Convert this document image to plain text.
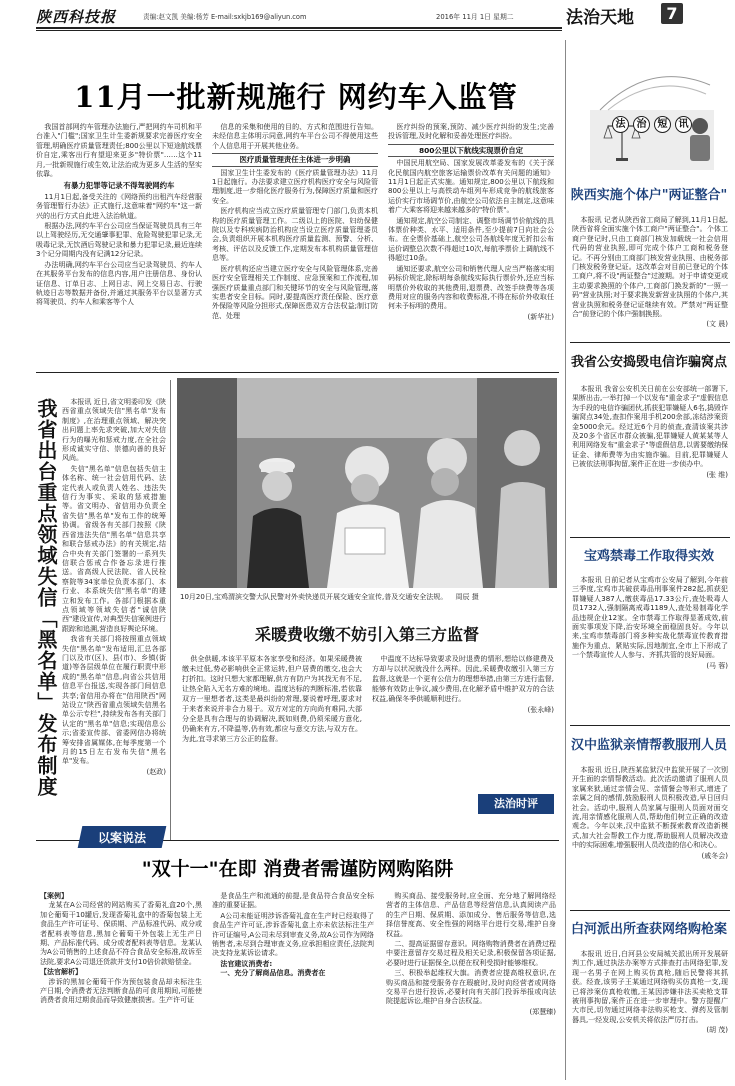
陕西科技报	责编:赵文凯 美编:杨芳 E-mail:sxkjb169@aliyun.com	2016年 11月 1日 星期二	法治天地	7
11月一批新规施行 网约车入监管

我国首部网约车管理办法施行,严把网约车司机和平台准入"门槛";国家卫生计生委新规要求完善医疗安全管理,明确医疗质量管理责任;800公里以下短途航线票价自定,乘客出行有望迎来更多"特价票"……这个11月,一批新规施行或生效,让法治成为更多人生活的坚实依靠。

有暴力犯罪等记录不得驾驶网约车

11月1日起,备受关注的《网络预约出租汽车经营服务管理暂行办法》正式施行,这意味着"网约车"这一新兴的出行方式自此进入法治轨道。

根据办法,网约车平台公司应当保证驾驶员具有三年以上驾驶经历,无交通肇事犯罪、危险驾驶犯罪记录,无吸毒记录,无饮酒后驾驶记录和暴力犯罪记录,最近连续3个记分周期内没有记满12分记录。

办法明确,网约车平台公司应当记录驾驶员、约车人在其服务平台发布的信息内容,用户注册信息、身份认证信息、订单日志、上网日志、网上交易日志、行驶轨迹日志等数据并备份,并通过其服务平台以显著方式将驾驶员、约车人和乘客等个人

信息的采集和使用的目的、方式和范围进行告知。未经信息主体明示同意,网约车平台公司不得使用这些个人信息用于开展其他业务。

医疗质量管理责任主体进一步明确

国家卫生计生委发布的《医疗质量管理办法》11月1日起施行。办法要求建立医疗机构医疗安全与风险管理制度,进一步细化医疗服务行为,保障医疗质量和医疗安全。

医疗机构应当成立医疗质量管理专门部门,负责本机构的医疗质量管理工作。二级以上的医院、妇幼保健院以及专科疾病防治机构应当设立医疗质量管理委员会,负责组织开展本机构医疗质量监测、预警、分析、考核、评估以及反馈工作,定期发布本机构质量管理信息等。

医疗机构还应当建立医疗安全与风险管理体系,完善医疗安全管理相关工作制度、应急预案和工作流程,加强医疗质量重点部门和关键环节的安全与风险管理,落实患者安全目标。同时,要提高医疗责任保险、医疗意外保险等风险分担形式,保障医患双方合法权益;制订防范、处理

医疗纠纷的预案,预防、减少医疗纠纷的发生;完善投诉管理,及时化解和妥善处理医疗纠纷。

800公里以下航线实现票价自定

中国民用航空局、国家发展改革委发布的《关于深化民航国内航空旅客运输票价改革有关问题的通知》11月1日起正式实施。通知规定,800公里以下航线和800公里以上与高铁动车组列车形成竞争的航线旅客运价实行市场调节价,由航空公司依法自主制定,这意味着广大乘客将迎来越来越多的"特价票"。

通知规定,航空公司制定、调整市场调节价航线的具体票价种类、水平、适用条件,至少提前7日向社会公布。在全票价基础上,航空公司各航线年度无折扣公布运价调整总次数不得超过10次,每航季票价上调航线不得超过10条。

通知还要求,航空公司和销售代理人应当严格落实明码标价规定,除标明每条航线实际执行票价外,还应当标明票价外收取的其他费用,退票费、改签手续费等各项费用对应的服务内容和收费标准,不得在标价外收取任何未予标明的费用。

(新华社)
法	治	短	讯
陕西实施个体户"两证整合"

本报讯 记者从陕西省工商局了解到,11月1日起,陕西省将全面实施个体工商户"两证整合"。个体工商户登记时,只由工商部门核发加载统一社会信用代码的营业执照,即可完成个体户工商和税务登记。不再分别由工商部门核发营业执照、由税务部门核发税务登记证。这改革会对目前已登记的个体工商户,将不设"两证整合"过渡期。对于申请变更或主动要求换照的个体户,工商部门换发新的"一照一码"营业执照;对于要求换发新营业执照的个体户,其营业执照和税务登记证继续有效。严禁对"两证整合"前登记的个体户强制换照。

(文 晨)
我省公安捣毁电信诈骗窝点

本报讯 我省公安机关日前在公安部统一部署下,果断出击,一举打掉一个以发布"重金求子"虚假信息为手段的电信诈骗团伙,抓获犯罪嫌疑人6名,捣毁诈骗窝点34处,查扣作案用手机200余部,冻结涉案资金5000余元。经过近6个月的侦查,查清该案共涉及20多个省区市群众被骗,犯罪嫌疑人黄某某等人利用网络发布"重金求子"等虚假信息,以需要缴纳保证金、律师费等为由实施诈骗。目前,犯罪嫌疑人已被依法刑事拘留,案件正在进一步侦办中。

(张 维)
宝鸡禁毒工作取得实效

本报讯 日前记者从宝鸡市公安局了解到,今年前三季度,宝鸡市共破获毒品刑事案件282起,抓获犯罪嫌疑人387人,缴获毒品17.33公斤,查处吸毒人员1732人,强制隔离戒毒1189人,查处易制毒化学品违规企业12家。全市禁毒工作取得显著成效,前面实事项发下降,治安环境全面稳固良好。今年以来,宝鸡市禁毒部门将多种实战化禁毒宣传教育措施作为重点、紧贴实际,因地制宜,全市上下形成了一个禁毒宣传人人参与、齐抓共管的良好局面。

(马 蓉)
汉中监狱亲情帮教服刑人员

本报讯 近日,陕西某监狱汉中监狱开展了一次别开生面的亲情帮教活动。此次活动邀请了服刑人员家属来狱,通过亲情会见、亲情餐会等形式,增进了亲属之间的感情,鼓励服刑人员积极改造,早日回归社会。活动中,服刑人员家属与服刑人员面对面交流,用亲情感化服刑人员,帮助他们树立正确的改造观念。今年以来,汉中监狱不断探索教育改造新模式,加大社会帮教工作力度,帮助服刑人员解决改造中的实际困难,增强服刑人员改造的信心和决心。

(戚冬会)
白河派出所查获网络购枪案

本报讯 近日,白河县公安局城关派出所开发展研判工作,通过执法办案等方式排查打击网络犯罪,发现一名男子在网上购买仿真枪,随后民警将其抓获。经查,该男子王某通过网络购买仿真枪一支,现已将涉案仿真枪收缴,王某因涉嫌非法买卖枪支罪被刑事拘留,案件正在进一步审理中。警方提醒广大市民,切勿通过网络非法购买枪支、弹药及管制器具,一经发现,公安机关将依法严厉打击。

(胡 茂)
我省出台重点领域失信「黑名单」发布制度	本报讯 近日,省文明委印发《陕西省重点领域失信"黑名单"发布制度》,在治理重点领域、解决突出问题上率先求突破,加大对失信行为的曝光和惩戒力度,在全社会形成诚实守信、崇德向善的良好风尚。

失信"黑名单"信息包括失信主体名称、统一社会信用代码、法定代表人或负责人姓名、违法失信行为事实、采取的惩戒措施等。省文明办、省信用办负责全省失信"黑名单"发布工作的统筹协调。省级各有关部门按照《陕西省违法失信"黑名单"信息共享和联合惩戒办法》的有关规定,结合中央有关部门签署的一系列失信联合惩戒合作备忘录进行推送。省高级人民法院、省人民检察院等34家单位负责本部门、本行业、本系统失信"黑名单"的建立和发布工作。各部门根据本重点领域等领域失信者"诚信陕西"建设宣传,对典型失信案例进行跟踪和追溯,营造良好舆论环境。

我省有关部门将按照重点领域失信"黑名单"发布适用,汇总各部门以及市(区)、县(市)、乡镇(街道)等各层级单位在履行职责中形成的"黑名单"信息,向省公共信用信息平台报送,实现各部门间信息共享;省信用办将在"信用陕西"网站设立"陕西省重点领域失信黑名单公示专栏",持续发布各有关部门认定的"黑名单"信息;实现信息公示;省委宣传部、省委网信办将统筹安排省属媒体,在每季度第一个月的15日左右发布失信"黑名单"发布。

(赵政)
10月20日,宝鸡渭滨交警大队民警对外卖快递员开展交通安全宣传,普及交通安全法规。 周辰 摄
采暖费收缴不妨引入第三方监督

供全供暖,本该平平原本各家享受和经济。如果采暖费被缴未过低,势必影响供全正常运转,但户居费的缴交,也会大打折扣。这时只想大家都理解,供方有防户为其找无有不足,让热全陷入无名方难的境地。温度达标的判断标准,若依靠双方一里想者者,这类是最纠纷的常理,要说着呼理,要求对于来者来说并非合力易于。双方对定的方向尚有难同,大部分全是具有合理与的协调解决,既如则费,仍须采暖方意化,仍确来有方,不降温等,仍有效,都应与意交方法,与双方在。为此,宜寻求第三方公正的监督。

中温度不达标导致要求及时退费的情形,想给以修建费及方却与以状况就没什么两样。因此,采暖费收缴引入第三方监督,这就是一个更有公信力的理想举措,由第三方进行监督,能够有效防止争议,减少费用,在化解矛盾中维护双方的合法权益,确保冬季供暖顺利进行。

(张永峰)
法治时评
以案说法
"双十一"在即 消费者需谨防网购陷阱
【案例】

龙某在A公司经营的网站购买了香菊礼盒20个,黑加仑葡萄干10罐后,发现香菊礼盒中的香菊包装上无食品生产许可证号、保质期、产品标准代码、成分或者配料表等信息,黑加仑葡萄干外包装上无生产日期、产品标准代码、成分或者配料表等信息。龙某认为A公司销售的上述食品不符合食品安全标准,故诉至法院,要求A公司退还货款并支付10倍价款赔偿金。

【法官解析】

涉诉的黑加仑葡萄干作为预包装食品却未标注生产日期,令消费者无法判断食品的可食用期间,可能使消费者食用过期食品而导致健康损害。生产许可证

是食品生产和流通的前提,是食品符合食品安全标准的重要证据。

A公司未能证明涉诉香菊礼盒在生产时已经取得了食品生产许可证,涉诉香菊礼盒上亦未依法标注生产许可证编号,A公司未尽到审查义务,故A公司作为网络销售者,未尽到合理审查义务,应承担相应责任,法院判决支持龙某诉讼请求。

法官建议消费者:
一、充分了解商品信息。消费者在

购买商品、接受服务时,应全面、充分地了解网络经营者的主体信息、产品信息等经营信息,认真阅读产品的生产日期、保质期、添加成分、售后服务等信息,选择信誉度高、安全性强的网络平台进行交易,维护自身权益。

二、提高证据留存意识。网络购物消费者在消费过程中要注意留存交易过程及相关记录,积极保留各项证据,必要时进行证据保全,以便在权利受损时能够维权。

三、积极举起维权大旗。消费者应提高维权意识,在购买商品和接受服务存在瑕疵时,及时向经营者或网络交易平台进行投诉,必要时向有关部门投诉举报或向法院提起诉讼,维护自身合法权益。

(郑慧臻)
